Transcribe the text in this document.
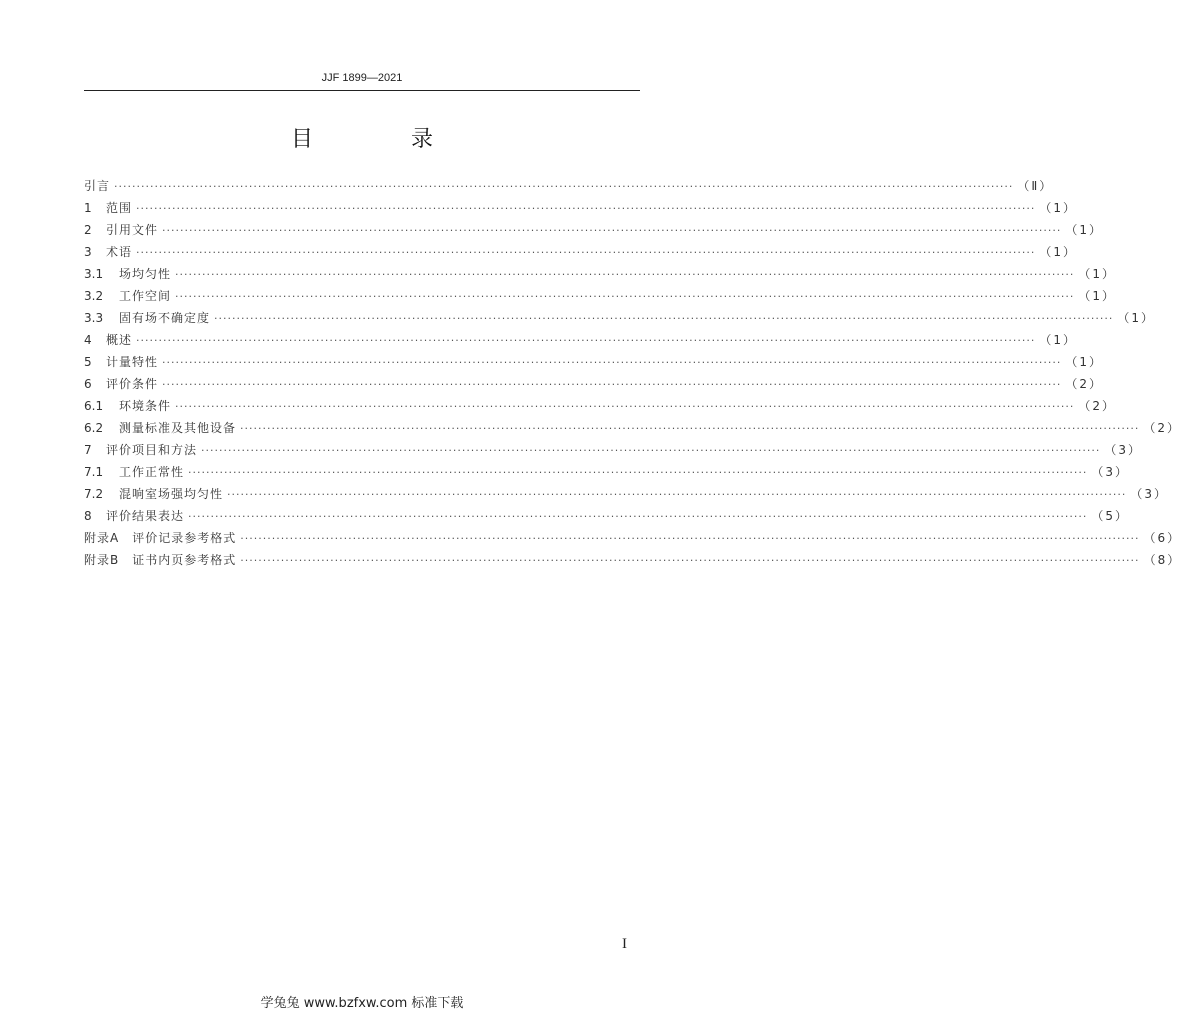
JJF 1899—2021
目　录
引言 ········································································································································································································ （Ⅱ）
1	范围 ········································································································································································································ （1）
2	引用文件 ········································································································································································································ （1）
3	术语 ········································································································································································································ （1）
3.1	场均匀性 ········································································································································································································ （1）
3.2	工作空间 ········································································································································································································ （1）
3.3	固有场不确定度 ········································································································································································································ （1）
4	概述 ········································································································································································································ （1）
5	计量特性 ········································································································································································································ （1）
6	评价条件 ········································································································································································································ （2）
6.1	环境条件 ········································································································································································································ （2）
6.2	测量标准及其他设备 ········································································································································································································ （2）
7	评价项目和方法 ········································································································································································································ （3）
7.1	工作正常性 ········································································································································································································ （3）
7.2	混响室场强均匀性 ········································································································································································································ （3）
8	评价结果表达 ········································································································································································································ （5）
附录A　评价记录参考格式 ········································································································································································································ （6）
附录B　证书内页参考格式 ········································································································································································································ （8）
I
学兔兔 www.bzfxw.com 标准下载
